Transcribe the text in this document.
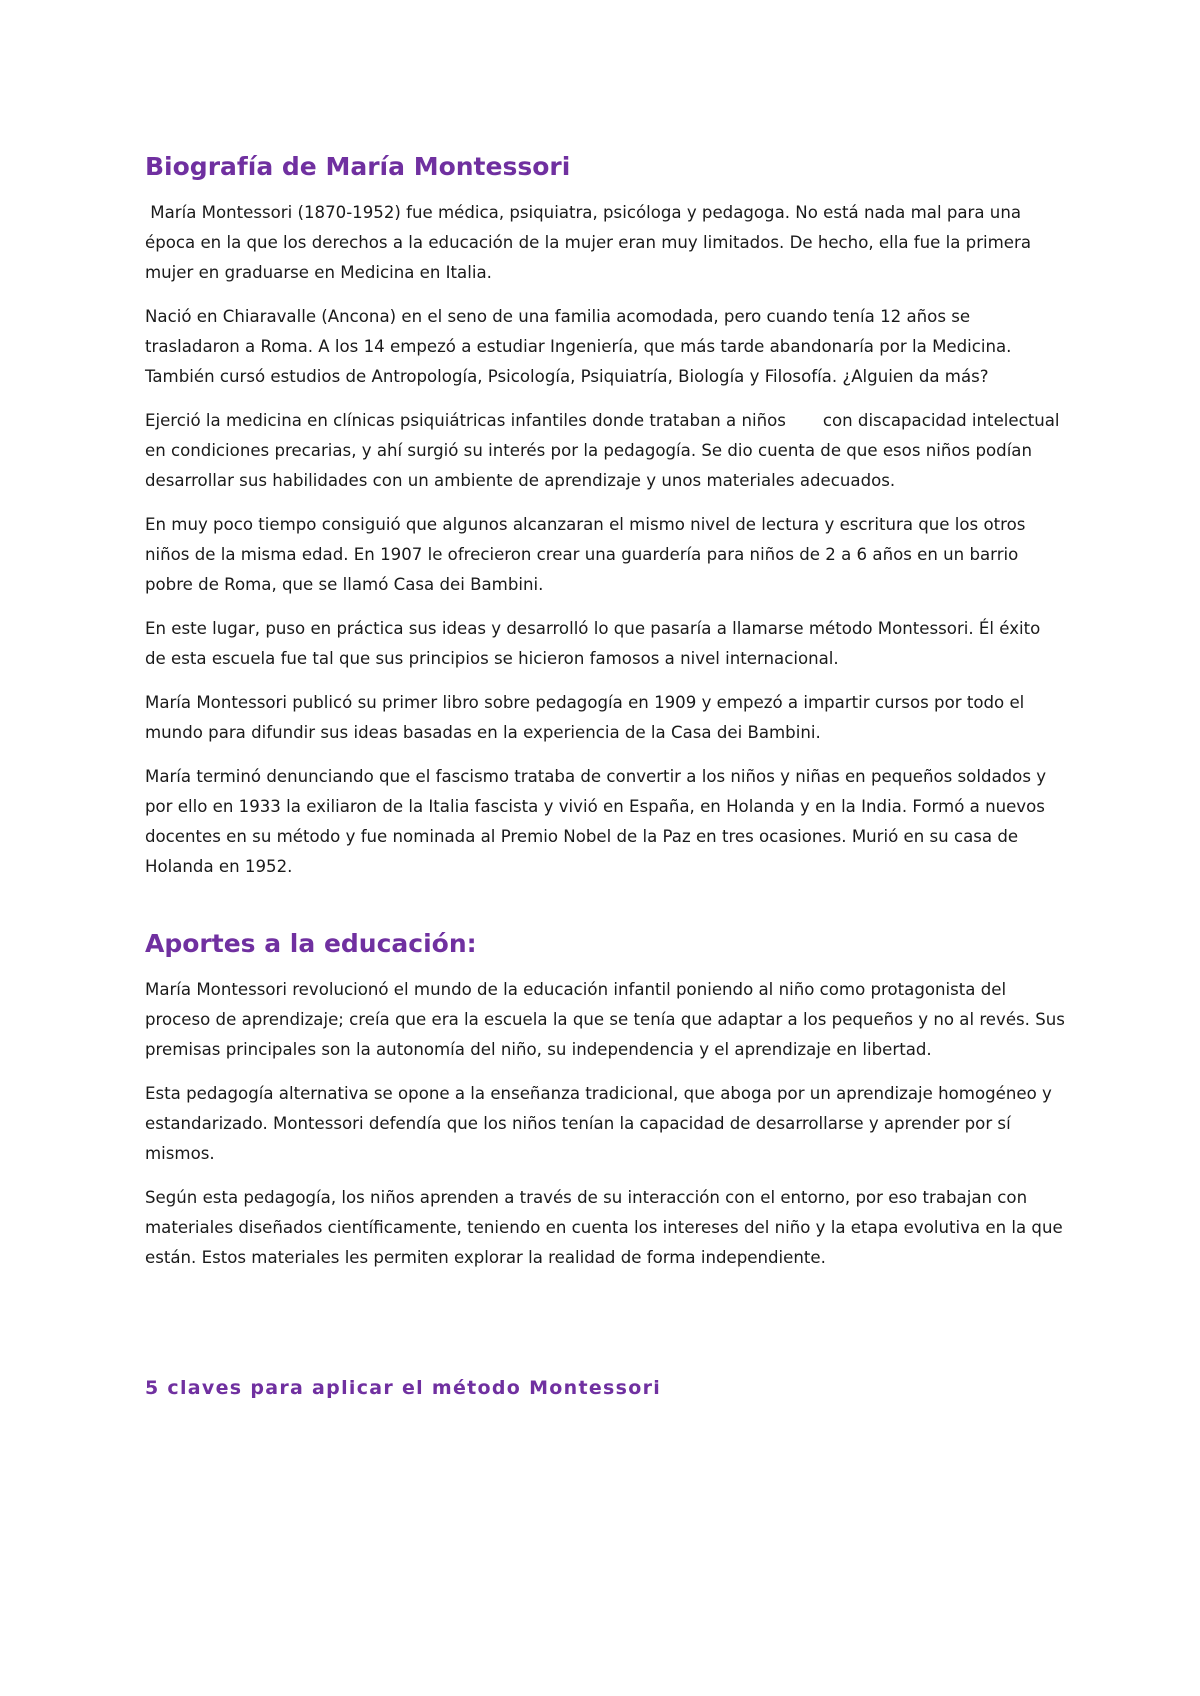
Biografía de María Montessori

María Montessori (1870-1952) fue médica, psiquiatra, psicóloga y pedagoga. No está nada mal para una época en la que los derechos a la educación de la mujer eran muy limitados. De hecho, ella fue la primera mujer en graduarse en Medicina en Italia.

Nació en Chiaravalle (Ancona) en el seno de una familia acomodada, pero cuando tenía 12 años se trasladaron a Roma. A los 14 empezó a estudiar Ingeniería, que más tarde abandonaría por la Medicina. También cursó estudios de Antropología, Psicología, Psiquiatría, Biología y Filosofía. ¿Alguien da más?

Ejerció la medicina en clínicas psiquiátricas infantiles donde trataban a niños       con discapacidad intelectual en condiciones precarias, y ahí surgió su interés por la pedagogía. Se dio cuenta de que esos niños podían desarrollar sus habilidades con un ambiente de aprendizaje y unos materiales adecuados.

En muy poco tiempo consiguió que algunos alcanzaran el mismo nivel de lectura y escritura que los otros niños de la misma edad. En 1907 le ofrecieron crear una guardería para niños de 2 a 6 años en un barrio pobre de Roma, que se llamó Casa dei Bambini.

En este lugar, puso en práctica sus ideas y desarrolló lo que pasaría a llamarse método Montessori. Él éxito de esta escuela fue tal que sus principios se hicieron famosos a nivel internacional.

María Montessori publicó su primer libro sobre pedagogía en 1909 y empezó a impartir cursos por todo el mundo para difundir sus ideas basadas en la experiencia de la Casa dei Bambini.

María terminó denunciando que el fascismo trataba de convertir a los niños y niñas en pequeños soldados y por ello en 1933 la exiliaron de la Italia fascista y vivió en España, en Holanda y en la India. Formó a nuevos docentes en su método y fue nominada al Premio Nobel de la Paz en tres ocasiones. Murió en su casa de Holanda en 1952.

Aportes a la educación:

María Montessori revolucionó el mundo de la educación infantil poniendo al niño como protagonista del proceso de aprendizaje; creía que era la escuela la que se tenía que adaptar a los pequeños y no al revés. Sus premisas principales son la autonomía del niño, su independencia y el aprendizaje en libertad.

Esta pedagogía alternativa se opone a la enseñanza tradicional, que aboga por un aprendizaje homogéneo y estandarizado. Montessori defendía que los niños tenían la capacidad de desarrollarse y aprender por sí mismos.

Según esta pedagogía, los niños aprenden a través de su interacción con el entorno, por eso trabajan con materiales diseñados científicamente, teniendo en cuenta los intereses del niño y la etapa evolutiva en la que están. Estos materiales les permiten explorar la realidad de forma independiente.

5 claves para aplicar el método Montessori
